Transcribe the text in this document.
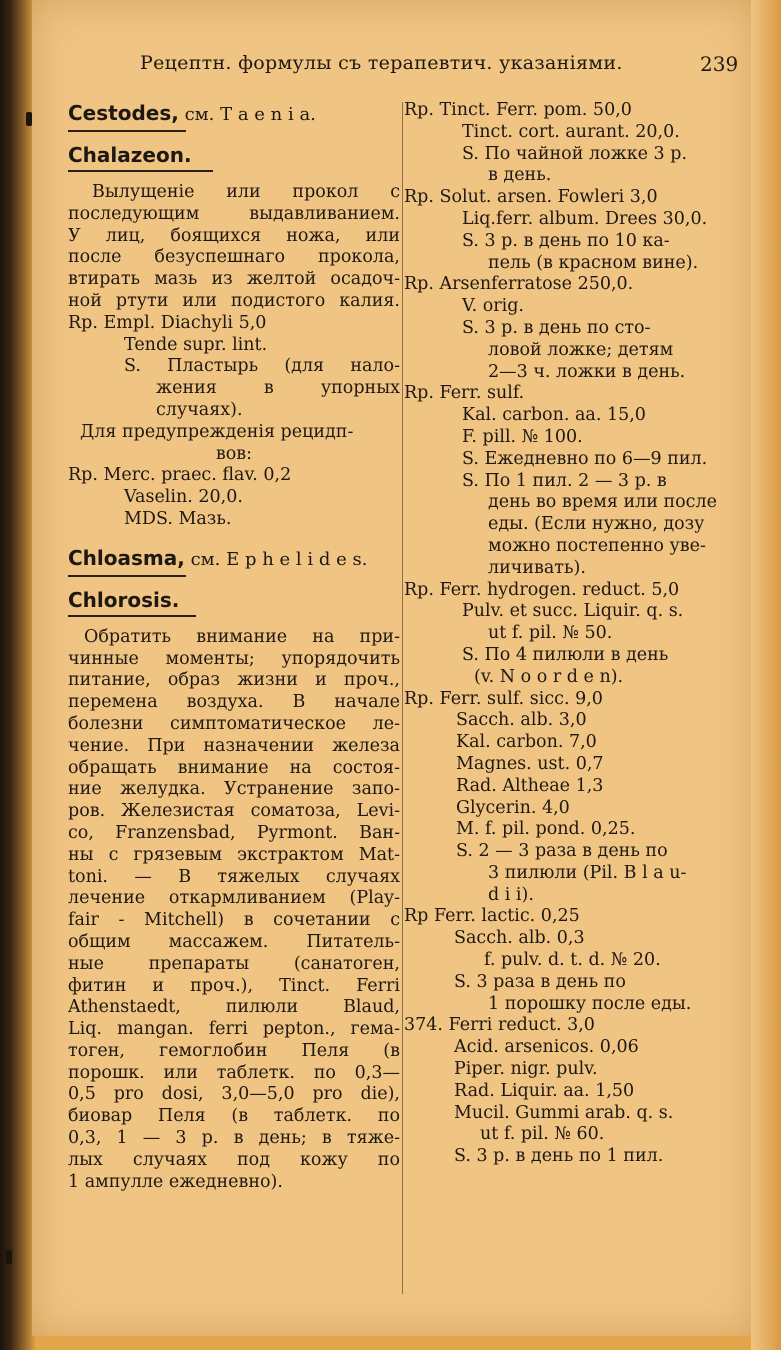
Рецептн. формулы съ терапевтич. указаніями.	239
Cestodes, см. T a e n i a.
Chalazeon.
Вылущеніе или прокол с
последующим выдавливанием.
У лиц, боящихся ножа, или
после безуспешнаго прокола,
втирать мазь из желтой осадоч-
ной ртути или подистого калия.
Rp. Empl. Diachyli 5,0
Tende supr. lint.
S. Пластырь (для нало-
жения в упорных
случаях).
Для предупрежденія рецидп-
вов:
Rp. Merc. praec. flav. 0,2
Vaselin. 20,0.
MDS. Мазь.
Chloasma, см. E p h e l i d e s.
Chlorosis.
Обратить внимание на при-
чинные моменты; упорядочить
питание, образ жизни и проч.,
перемена воздуха. В начале
болезни симптоматическое ле-
чение. При назначении железа
обращать внимание на состоя-
ние желудка. Устранение запо-
ров. Железистая соматоза, Levi-
co, Franzensbad, Pyrmont. Ван-
ны с грязевым экстрактом Mat-
toni. — В тяжелых случаях
лечение откармливанием (Play-
fair - Mitchell) в сочетании с
общим массажем. Питатель-
ные препараты (санатоген,
фитин и проч.), Tinct. Ferri
Athenstaedt, пилюли Blaud,
Liq. mangan. ferri pepton., гема-
тоген, гемоглобин Пеля (в
порошк. или таблетк. по 0,3—
0,5 pro dosi, 3,0—5,0 pro die),
биовар Пеля (в таблетк. по
0,3, 1 — 3 р. в день; в тяже-
лых случаях под кожу по
1 ампулле ежедневно).
Rp. Tinct. Ferr. pom. 50,0
Tinct. cort. aurant. 20,0.
S. По чайной ложке 3 р.
в день.
Rp. Solut. arsen. Fowleri 3,0
Liq.ferr. album. Drees 30,0.
S. 3 р. в день по 10 ка-
пель (в красном вине).
Rp. Arsenferratose 250,0.
V. orig.
S. 3 р. в день по сто-
ловой ложке; детям
2—3 ч. ложки в день.
Rp. Ferr. sulf.
Kal. carbon. aa. 15,0
F. pill. № 100.
S. Ежедневно по 6—9 пил.
S. По 1 пил. 2 — 3 р. в
день во время или после
еды. (Если нужно, дозу
можно постепенно уве-
личивать).
Rp. Ferr. hydrogen. reduct. 5,0
Pulv. et succ. Liquir. q. s.
ut f. pil. № 50.
S. По 4 пилюли в день
(v. N o o r d e n).
Rp. Ferr. sulf. sicc. 9,0
Sacch. alb. 3,0
Kal. carbon. 7,0
Magnes. ust. 0,7
Rad. Altheae 1,3
Glycerin. 4,0
M. f. pil. pond. 0,25.
S. 2 — 3 раза в день по
3 пилюли (Pil. B l a u-
d i i).
Rp Ferr. lactic. 0,25
Sacch. alb. 0,3
f. pulv. d. t. d. № 20.
S. 3 раза в день по
1 порошку после еды.
374. Ferri reduct. 3,0
Acid. arsenicos. 0,06
Piper. nigr. pulv.
Rad. Liquir. aa. 1,50
Mucil. Gummi arab. q. s.
ut f. pil. № 60.
S. 3 р. в день по 1 пил.
